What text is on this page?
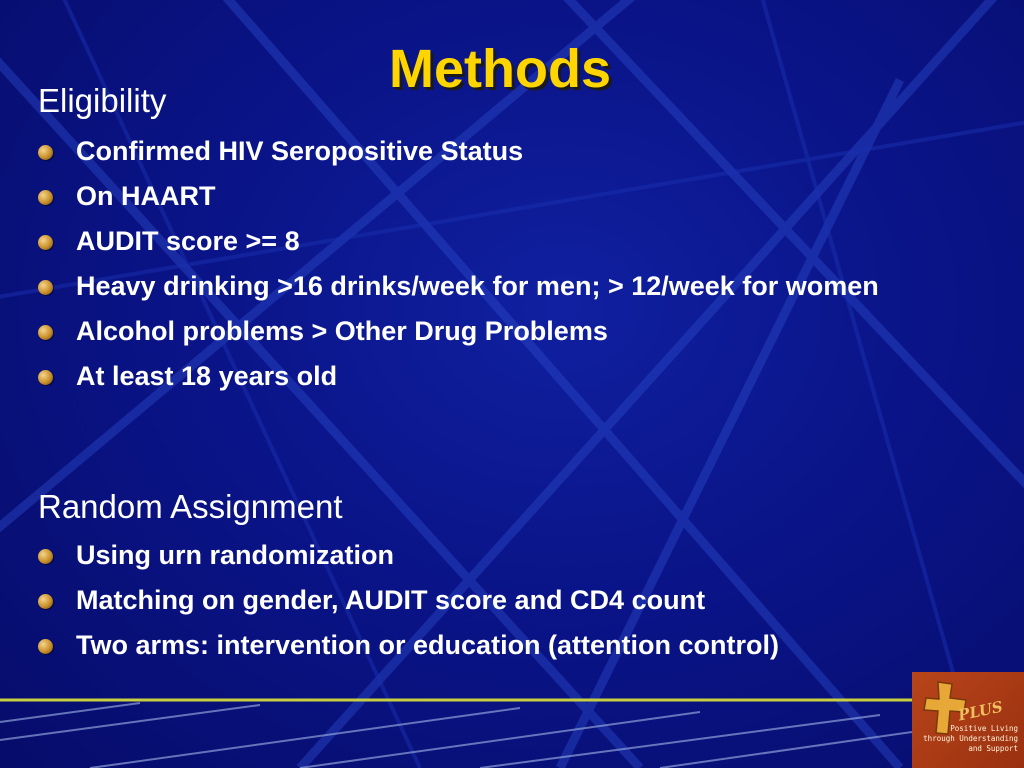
Methods
Eligibility
Confirmed HIV Seropositive Status
On HAART
AUDIT score >= 8
Heavy drinking >16 drinks/week for men; > 12/week for women
Alcohol problems > Other Drug Problems
At least 18 years old
Random Assignment
Using urn randomization
Matching on gender, AUDIT score and CD4 count
Two arms: intervention or education (attention control)
PLUS
Positive Living through Understanding and Support
